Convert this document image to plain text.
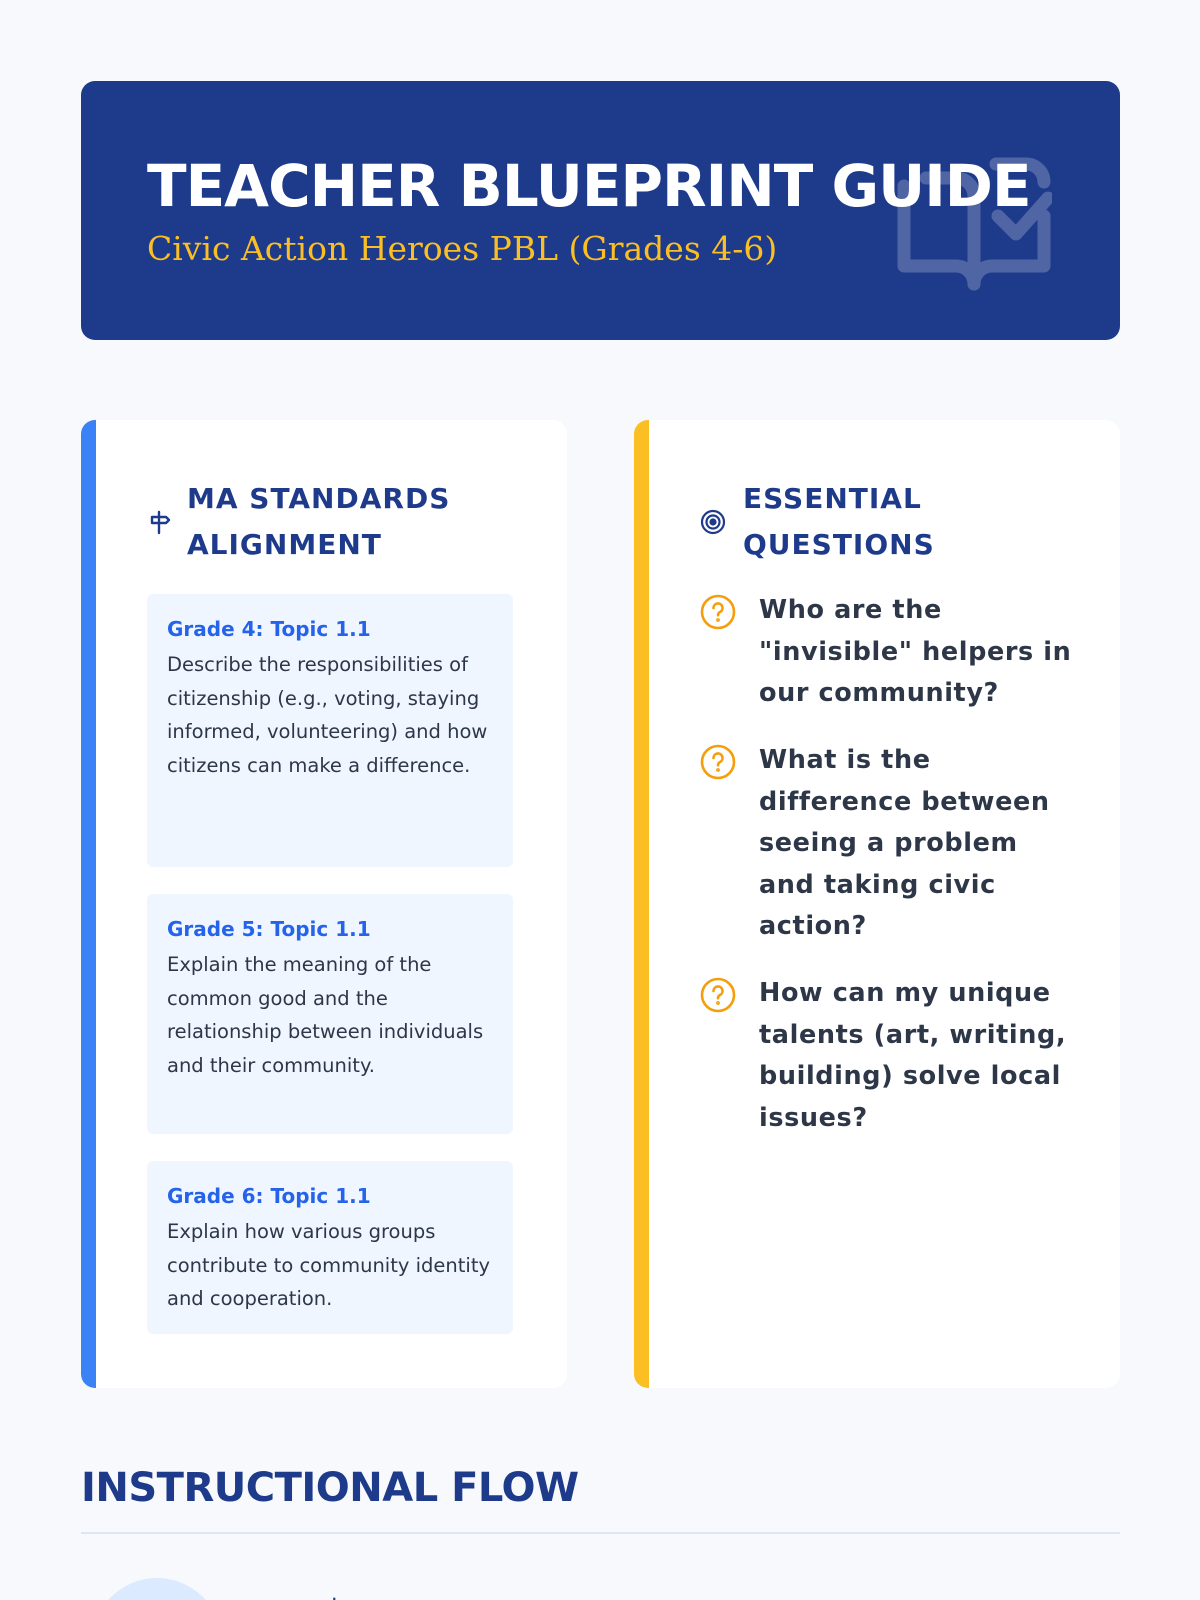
TEACHER BLUEPRINT GUIDE
Civic Action Heroes PBL (Grades 4-6)
MA STANDARDS
ALIGNMENT
Grade 4: Topic 1.1
Describe the responsibilities of citizenship (e.g., voting, staying informed, volunteering) and how citizens can make a difference.
Grade 5: Topic 1.1
Explain the meaning of the common good and the relationship between individuals and their community.
Grade 6: Topic 1.1
Explain how various groups contribute to community identity and cooperation.
ESSENTIAL
QUESTIONS
Who are the "invisible" helpers in our community?
What is the difference between seeing a problem and taking civic action?
How can my unique talents (art, writing, building) solve local issues?
INSTRUCTIONAL FLOW
·
